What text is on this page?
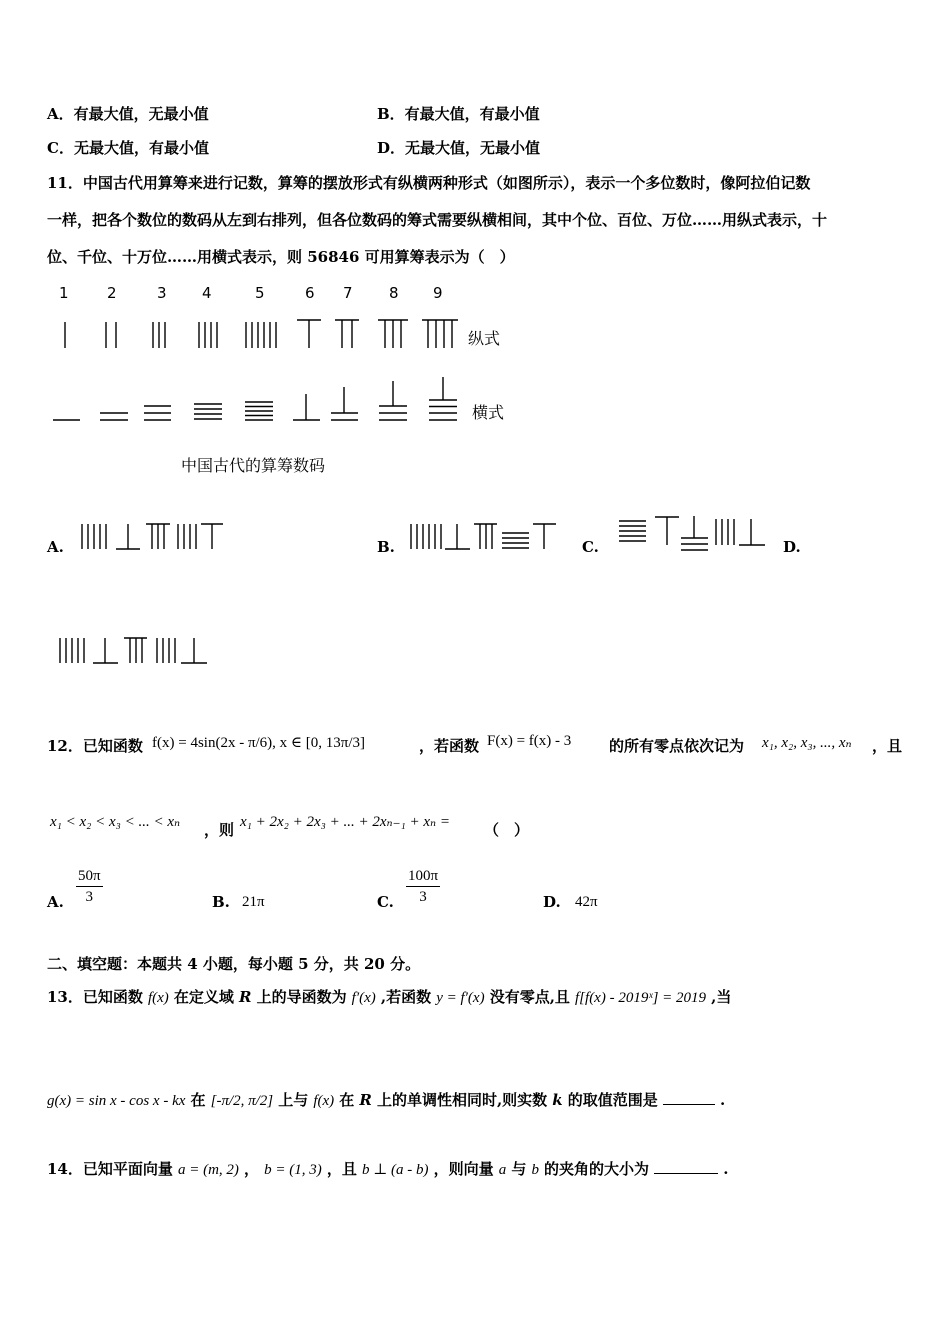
A．有最大值，无最小值	B．有最大值，有最小值
C．无最大值，有最小值	D．无最大值，无最小值
11．中国古代用算筹来进行记数，算筹的摆放形式有纵横两种形式（如图所示），表示一个多位数时，像阿拉伯记数
一样，把各个数位的数码从左到右排列，但各位数码的筹式需要纵横相间，其中个位、百位、万位……用纵式表示，十
位、千位、十万位……用横式表示，则 56846 可用算筹表示为（　）
1	2	3 4	5	6 7 8 9
纵式
横式
中国古代的算筹数码
A.	B.	C.	D.
12．已知函数 f(x) = 4sin(2x - π/6), x ∈ [0, 13π/3]	，若函数 F(x) = f(x) - 3	的所有零点依次记为 x₁, x₂, x₃, ..., xₙ ，且
x₁ < x₂ < x₃ < ... < xₙ ，则 x₁ + 2x₂ + 2x₃ + ... + 2xₙ₋₁ + xₙ = （　）
A. $\frac{50\pi}{3}$	B. 21π	C. $\frac{100\pi}{3}$	D. 42π
二、填空题：本题共 4 小题，每小题 5 分，共 20 分。
13．已知函数 f(x) 在定义域 R 上的导函数为 f′(x) ,若函数 y = f′(x) 没有零点,且 f[f(x) - 2019ˣ] = 2019 ,当
g(x) = sin x - cos x - kx 在 [-π/2, π/2] 上与 f(x) 在 R 上的单调性相同时,则实数 k 的取值范围是	.
14．已知平面向量 a = (m, 2) ， b = (1, 3) ，且 b ⊥ (a - b) ，则向量 a 与 b 的夹角的大小为	.
